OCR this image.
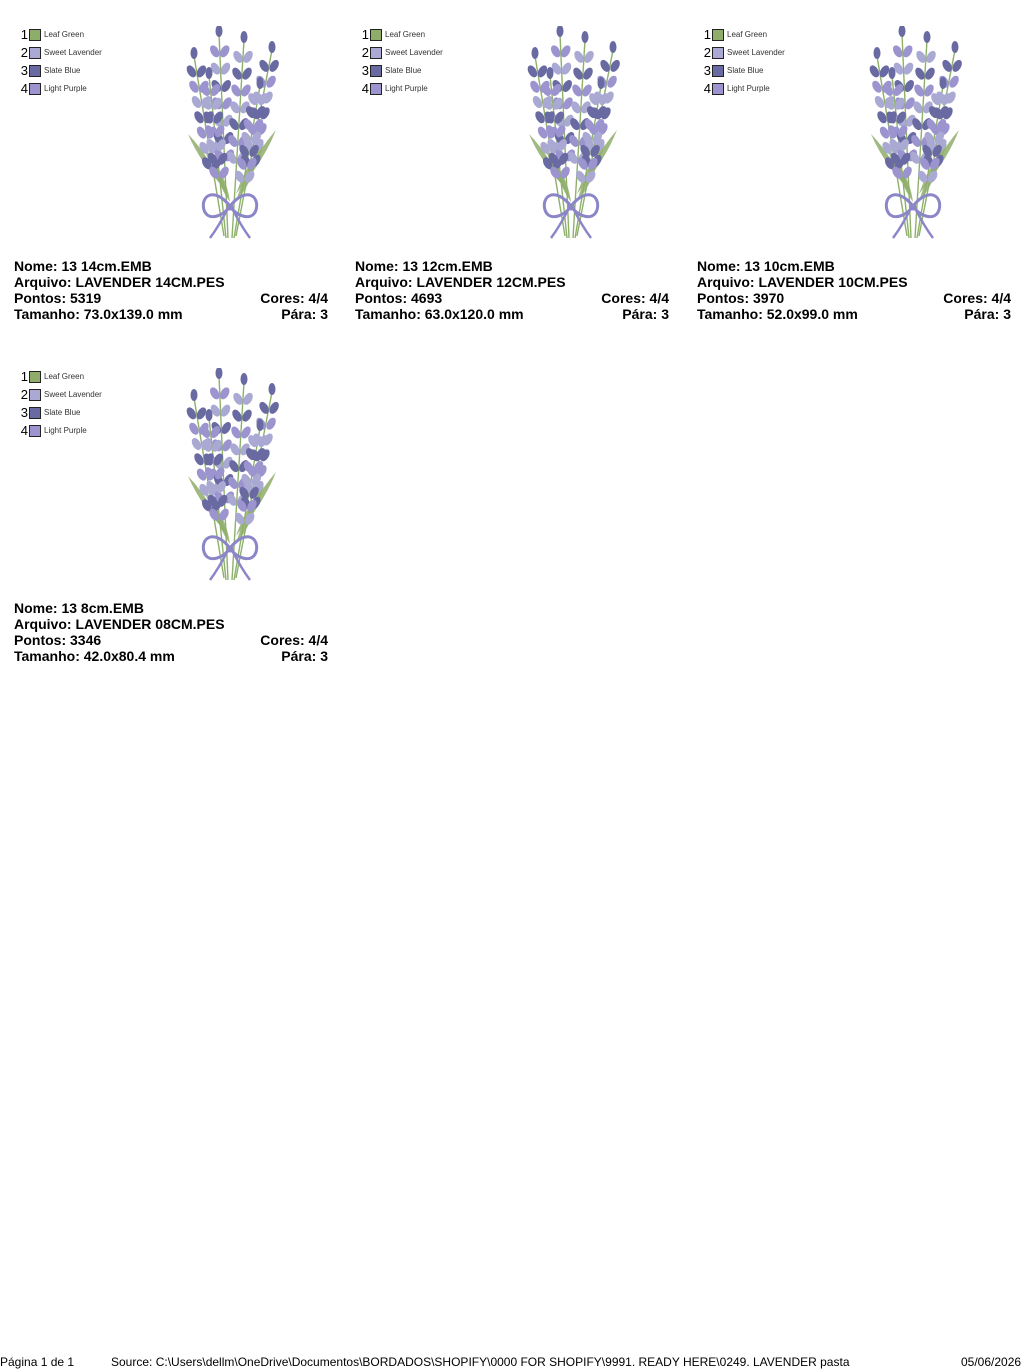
1 Leaf Green
2 Sweet Lavender
3 Slate Blue
4 Light Purple
Nome: 13 14cm.EMB
Arquivo: LAVENDER 14CM.PES
Pontos: 5319	Cores: 4/4
Tamanho: 73.0x139.0 mm	Pára: 3
1 Leaf Green
2 Sweet Lavender
3 Slate Blue
4 Light Purple
Nome: 13 12cm.EMB
Arquivo: LAVENDER 12CM.PES
Pontos: 4693	Cores: 4/4
Tamanho: 63.0x120.0 mm	Pára: 3
1 Leaf Green
2 Sweet Lavender
3 Slate Blue
4 Light Purple
Nome: 13 10cm.EMB
Arquivo: LAVENDER 10CM.PES
Pontos: 3970	Cores: 4/4
Tamanho: 52.0x99.0 mm	Pára: 3
1 Leaf Green
2 Sweet Lavender
3 Slate Blue
4 Light Purple
Nome: 13 8cm.EMB
Arquivo: LAVENDER 08CM.PES
Pontos: 3346	Cores: 4/4
Tamanho: 42.0x80.4 mm	Pára: 3
Página 1 de 1	Source: C:\Users\dellm\OneDrive\Documentos\BORDADOS\SHOPIFY\0000 FOR SHOPIFY\9991. READY HERE\0249. LAVENDER pasta	05/06/2026
